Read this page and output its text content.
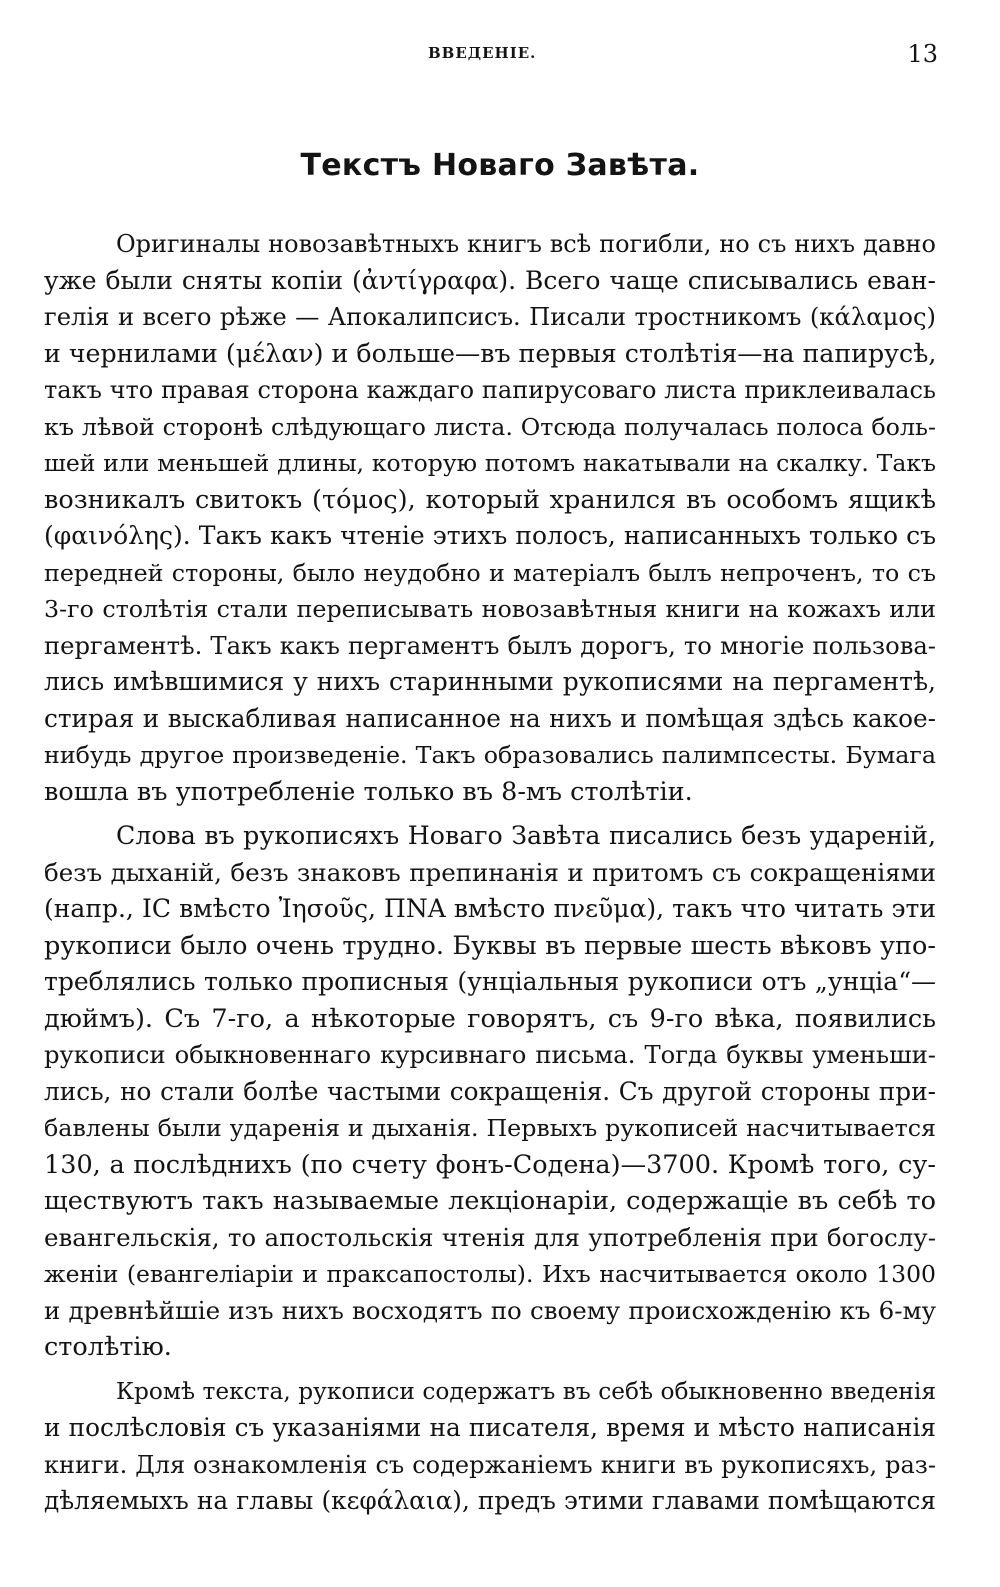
ВВЕДЕНІЕ.	13
Текстъ Новаго Завѣта.
Оригиналы новозавѣтныхъ книгъ всѣ погибли, но съ нихъ давно
уже были сняты копіи (ἀντίγραφα). Всего чаще списывались еван-
гелія и всего рѣже — Апокалипсисъ. Писали тростникомъ (κάλαμος)
и чернилами (μέλαν) и больше—въ первыя столѣтія—на папирусѣ,
такъ что правая сторона каждаго папирусоваго листа приклеивалась
къ лѣвой сторонѣ слѣдующаго листа. Отсюда получалась полоса боль-
шей или меньшей длины, которую потомъ накатывали на скалку. Такъ
возникалъ свитокъ (τόμος), который хранился въ особомъ ящикѣ
(φαινόλης). Такъ какъ чтеніе этихъ полосъ, написанныхъ только съ
передней стороны, было неудобно и матеріалъ былъ непроченъ, то съ
3-го столѣтія стали переписывать новозавѣтныя книги на кожахъ или
пергаментѣ. Такъ какъ пергаментъ былъ дорогъ, то многіе пользова-
лись имѣвшимися у нихъ старинными рукописями на пергаментѣ,
стирая и выскабливая написанное на нихъ и помѣщая здѣсь какое-
нибудь другое произведеніе. Такъ образовались палимпсесты. Бумага
вошла въ употребленіе только въ 8-мъ столѣтіи.
Слова въ рукописяхъ Новаго Завѣта писались безъ удареній,
безъ дыханій, безъ знаковъ препинанія и притомъ съ сокращеніями
(напр., IC вмѣсто Ἰησοῦς, ΠΝΑ вмѣсто πνεῦμα), такъ что читать эти
рукописи было очень трудно. Буквы въ первые шесть вѣковъ упо-
треблялись только прописныя (унціальныя рукописи отъ „унціа“—
дюймъ). Съ 7-го, а нѣкоторые говорятъ, съ 9-го вѣка, появились
рукописи обыкновеннаго курсивнаго письма. Тогда буквы уменьши-
лись, но стали болѣе частыми сокращенія. Съ другой стороны при-
бавлены были ударенія и дыханія. Первыхъ рукописей насчитывается
130, а послѣднихъ (по счету фонъ-Содена)—3700. Кромѣ того, су-
ществуютъ такъ называемые лекціонаріи, содержащіе въ себѣ то
евангельскія, то апостольскія чтенія для употребленія при богослу-
женіи (евангеліаріи и праксапостолы). Ихъ насчитывается около 1300
и древнѣйшіе изъ нихъ восходятъ по своему происхожденію къ 6-му
столѣтію.
Кромѣ текста, рукописи содержатъ въ себѣ обыкновенно введенія
и послѣсловія съ указаніями на писателя, время и мѣсто написанія
книги. Для ознакомленія съ содержаніемъ книги въ рукописяхъ, раз-
дѣляемыхъ на главы (κεφάλαια), предъ этими главами помѣщаются
